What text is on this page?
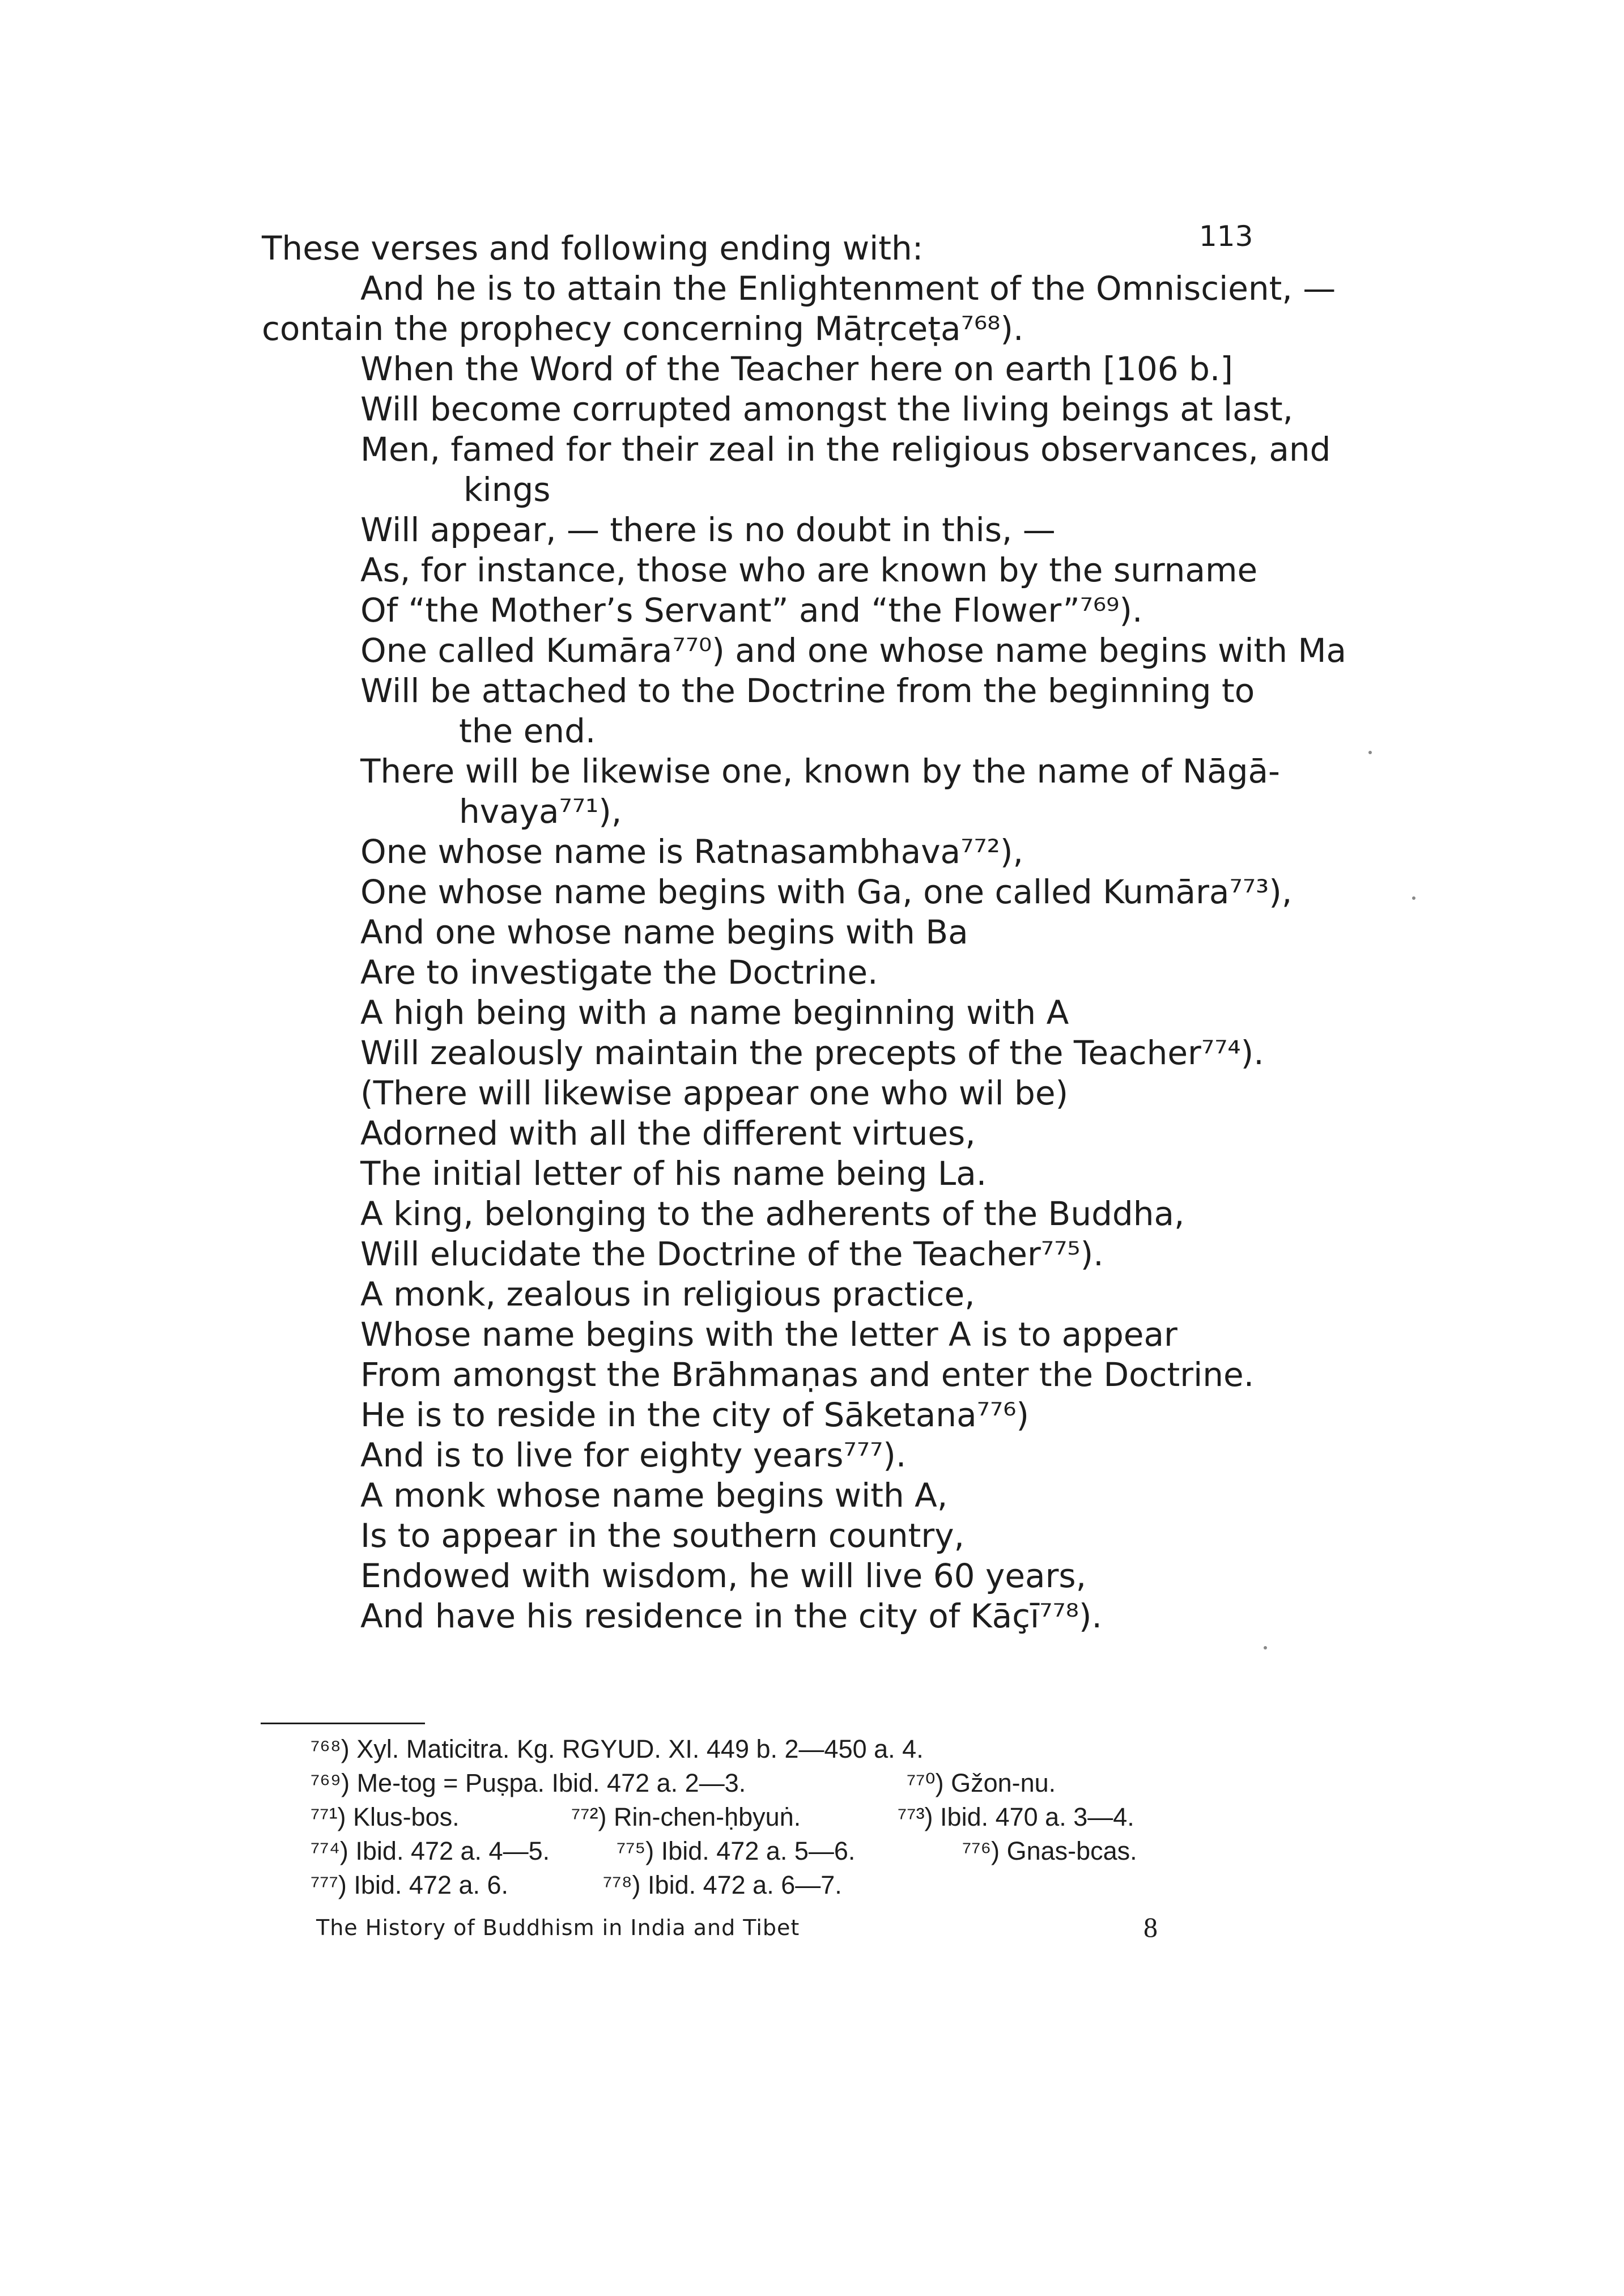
113
These verses and following ending with:
And he is to attain the Enlightenment of the Omniscient, —
contain the prophecy concerning Mātṛceṭa⁷⁶⁸).
When the Word of the Teacher here on earth [106 b.]
Will become corrupted amongst the living beings at last,
Men, famed for their zeal in the religious observances, and
kings
Will appear, — there is no doubt in this, —
As, for instance, those who are known by the surname
Of “the Mother’s Servant” and “the Flower”⁷⁶⁹).
One called Kumāra⁷⁷⁰) and one whose name begins with Ma
Will be attached to the Doctrine from the beginning to
the end.
There will be likewise one, known by the name of Nāgā-
hvaya⁷⁷¹),
One whose name is Ratnasambhava⁷⁷²),
One whose name begins with Ga, one called Kumāra⁷⁷³),
And one whose name begins with Ba
Are to investigate the Doctrine.
A high being with a name beginning with A
Will zealously maintain the precepts of the Teacher⁷⁷⁴).
(There will likewise appear one who wil be)
Adorned with all the different virtues,
The initial letter of his name being La.
A king, belonging to the adherents of the Buddha,
Will elucidate the Doctrine of the Teacher⁷⁷⁵).
A monk, zealous in religious practice,
Whose name begins with the letter A is to appear
From amongst the Brāhmaṇas and enter the Doctrine.
He is to reside in the city of Sāketana⁷⁷⁶)
And is to live for eighty years⁷⁷⁷).
A monk whose name begins with A,
Is to appear in the southern country,
Endowed with wisdom, he will live 60 years,
And have his residence in the city of Kāçī⁷⁷⁸).
⁷⁶⁸) Xyl. Maticitra. Kg. RGYUD. XI. 449 b. 2—450 a. 4.
⁷⁶⁹) Me-tog = Puṣpa. Ibid. 472 a. 2—3.	⁷⁷⁰) Gžon-nu.
⁷⁷¹) Klus-bos.	⁷⁷²) Rin-chen-ḥbyuṅ.	⁷⁷³) Ibid. 470 a. 3—4.
⁷⁷⁴) Ibid. 472 a. 4—5.	⁷⁷⁵) Ibid. 472 a. 5—6.	⁷⁷⁶) Gnas-bcas.
⁷⁷⁷) Ibid. 472 a. 6.	⁷⁷⁸) Ibid. 472 a. 6—7.
The History of Buddhism in India and Tibet	8
